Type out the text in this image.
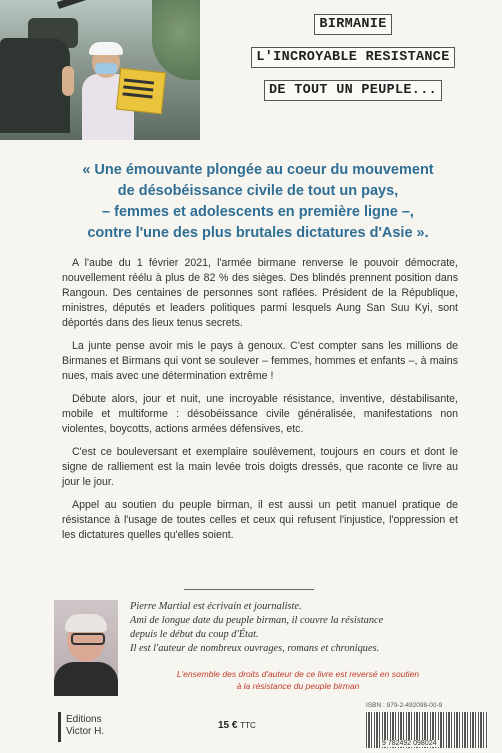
BIRMANIE
L'INCROYABLE RESISTANCE
DE TOUT UN PEUPLE...
« Une émouvante plongée au coeur du mouvement
de désobéissance civile de tout un pays,
– femmes et adolescents en première ligne –,
contre l'une des plus brutales dictatures d'Asie ».

A l'aube du 1 février 2021, l'armée birmane renverse le pouvoir démocrate, nouvellement réélu à plus de 82 % des sièges. Des blindés prennent position dans Rangoun. Des centaines de personnes sont raflées. Président de la République, ministres, députés et leaders politiques parmi lesquels Aung San Suu Kyi, sont déportés dans des lieux tenus secrets.

La junte pense avoir mis le pays à genoux. C'est compter sans les millions de Birmanes et Birmans qui vont se soulever – femmes, hommes et enfants –, à mains nues, mais avec une détermination extrême !

Débute alors, jour et nuit, une incroyable résistance, inventive, déstabilisante, mobile et multiforme : désobéissance civile généralisée, manifestations non violentes, boycotts, actions armées défensives, etc.

C'est ce bouleversant et exemplaire soulèvement, toujours en cours et dont le signe de ralliement est la main levée trois doigts dressés, que raconte ce livre au jour le jour.

Appel au soutien du peuple birman, il est aussi un petit manuel pratique de résistance à l'usage de toutes celles et ceux qui refusent l'injustice, l'oppression et les dictatures quelles qu'elles soient.

Pierre Martial est écrivain et journaliste.
Ami de longue date du peuple birman, il couvre la résistance
depuis le début du coup d'État.
Il est l'auteur de nombreux ouvrages, romans et chroniques.
L'ensemble des droits d'auteur de ce livre est reversé en soutien
à la résistance du peuple birman
Editions
Victor H.
15 € TTC
ISBN : 979-2-492098-00-9
9 782492 098024
